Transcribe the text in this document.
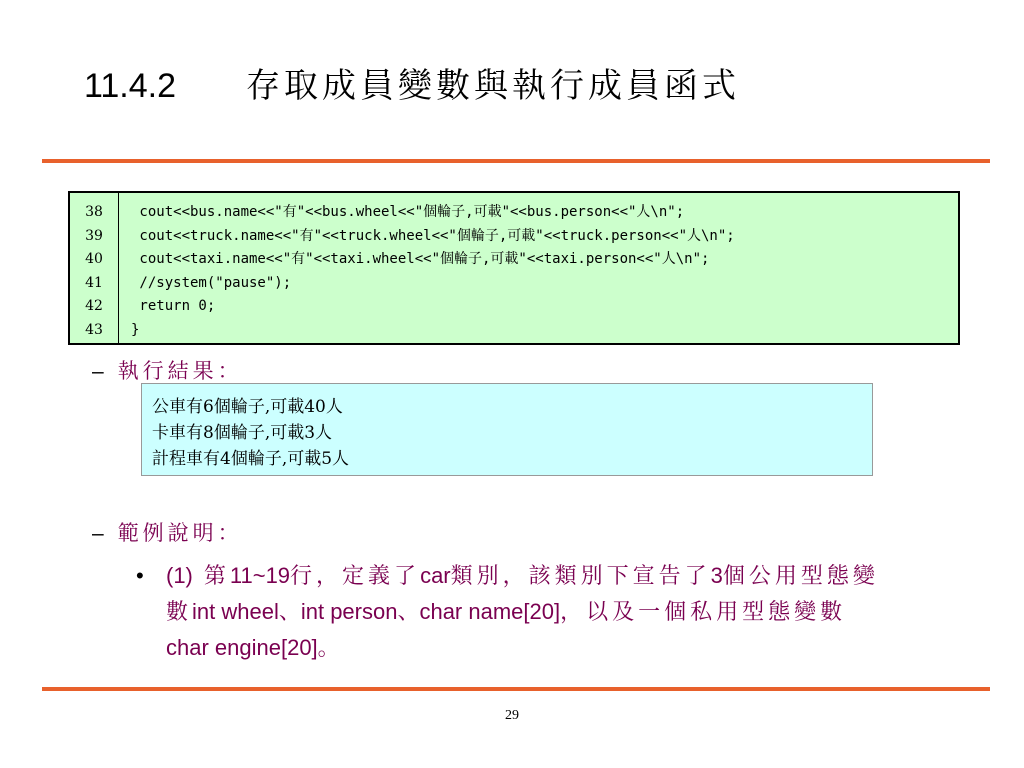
11.4.2 存取成員變數與執行成員函式
38
39
40
41
42
43
cout<<bus.name<<"有"<<bus.wheel<<"個輪子,可載"<<bus.person<<"人\n";
cout<<truck.name<<"有"<<truck.wheel<<"個輪子,可載"<<truck.person<<"人\n";
cout<<taxi.name<<"有"<<taxi.wheel<<"個輪子,可載"<<taxi.person<<"人\n";
//system("pause");
return 0;
}
– 執行結果：
公車有6個輪子,可載40人
卡車有8個輪子,可載3人
計程車有4個輪子,可載5人
– 範例說明：
• (1) 第11~19行，定義了car類別，該類別下宣告了3個公用型態變
數int wheel、int person、char name[20]，以及一個私用型態變數
char engine[20]。
29
